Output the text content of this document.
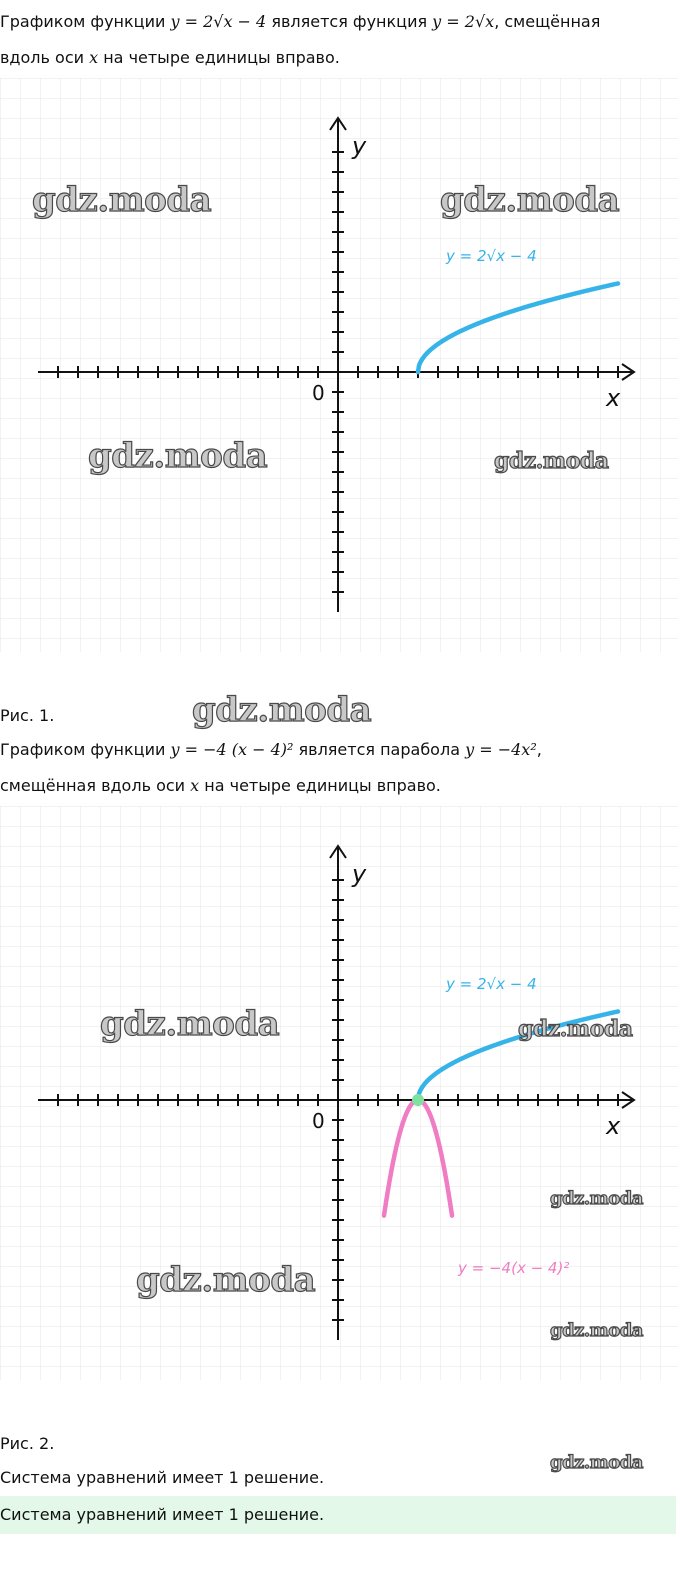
Графиком функции y = 2√x − 4 является функция y = 2√x, смещённая
вдоль оси x на четыре единицы вправо.
y
x
0
y = 2√x − 4
gdz.moda	gdz.moda
gdz.moda	gdz.moda
Рис. 1.	gdz.moda
Графиком функции y = −4 (x − 4)² является парабола y = −4x²,
смещённая вдоль оси x на четыре единицы вправо.
y
x
0
y = 2√x − 4
y = −4(x − 4)²
gdz.moda	gdz.moda
gdz.moda
gdz.moda
gdz.moda
Рис. 2.
gdz.moda
Система уравнений имеет 1 решение.
Система уравнений имеет 1 решение.
